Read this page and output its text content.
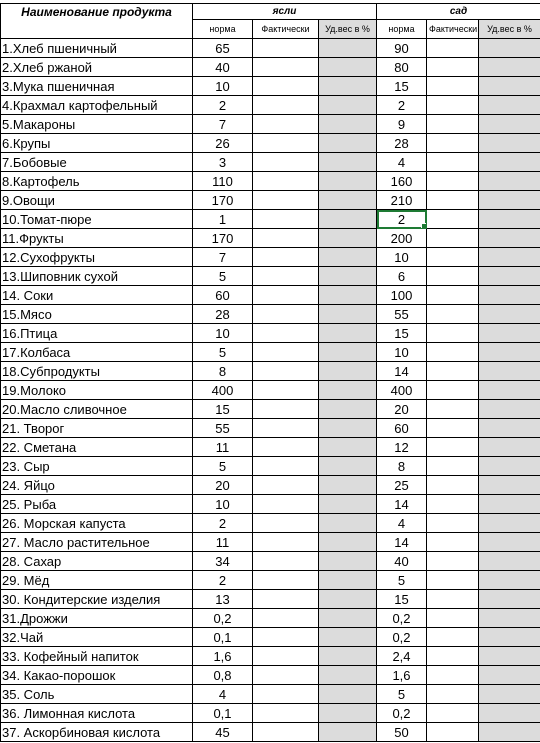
Наименование продукта	ясли			сад		
	норма	Фактически	Уд.вес в %	норма	Фактически	Уд.вес в %
1.Хлеб пшеничный	65			90		
2.Хлеб ржаной	40			80		
3.Мука пшеничная	10			15		
4.Крахмал картофельный	2			2		
5.Макароны	7			9		
6.Крупы	26			28		
7.Бобовые	3			4		
8.Картофель	110			160		
9.Овощи	170			210		
10.Томат-пюре	1			2

11.Фрукты	170			200		
12.Сухофрукты	7			10		
13.Шиповник сухой	5			6		
14. Соки	60			100		
15.Мясо	28			55		
16.Птица	10			15		
17.Колбаса	5			10		
18.Субпродукты	8			14		
19.Молоко	400			400		
20.Масло сливочное	15			20		
21. Творог	55			60		
22. Сметана	11			12		
23. Сыр	5			8		
24. Яйцо	20			25		
25. Рыба	10			14		
26. Морская капуста	2			4		
27. Масло растительное	11			14		
28. Сахар	34			40		
29. Мёд	2			5		
30. Кондитерские изделия	13			15		
31.Дрожжи	0,2			0,2		
32.Чай	0,1			0,2		
33. Кофейный напиток	1,6			2,4		
34. Какао-порошок	0,8			1,6		
35. Соль	4			5		
36. Лимонная кислота	0,1			0,2		
37. Аскорбиновая кислота	45			50		
